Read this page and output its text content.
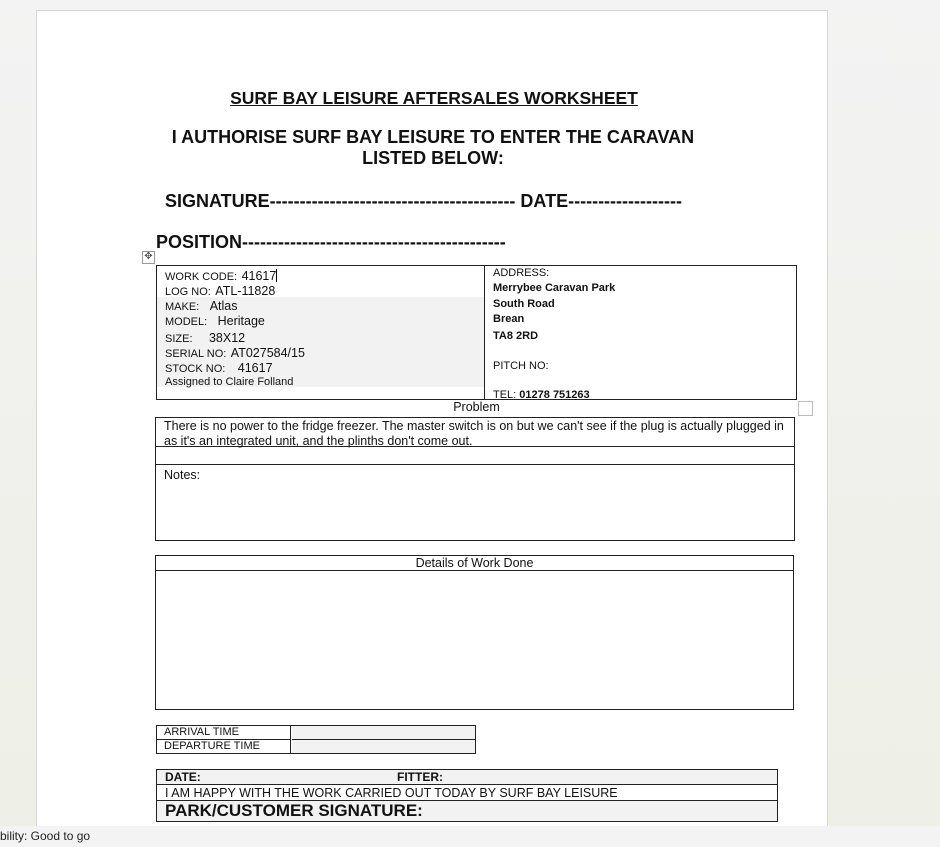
SURF BAY LEISURE AFTERSALES WORKSHEET
I AUTHORISE SURF BAY LEISURE TO ENTER THE CARAVAN LISTED BELOW:
SIGNATURE----------------------------------------- DATE-------------------
POSITION--------------------------------------------
✥
WORK CODE: 41617
LOG NO: ATL-11828
MAKE: Atlas
MODEL: Heritage
SIZE: 38X12
SERIAL NO: AT027584/15
STOCK NO: 41617
Assigned to Claire Folland
ADDRESS:
Merrybee Caravan Park
South Road
Brean
TA8 2RD
PITCH NO:
TEL: 01278 751263
Problem
There is no power to the fridge freezer. The master switch is on but we can't see if the plug is actually plugged in as it's an integrated unit, and the plinths don't come out.
Notes:
Details of Work Done
ARRIVAL TIME
DEPARTURE TIME
DATE:	FITTER:
I AM HAPPY WITH THE WORK CARRIED OUT TODAY BY SURF BAY LEISURE
PARK/CUSTOMER SIGNATURE:
bility: Good to go
